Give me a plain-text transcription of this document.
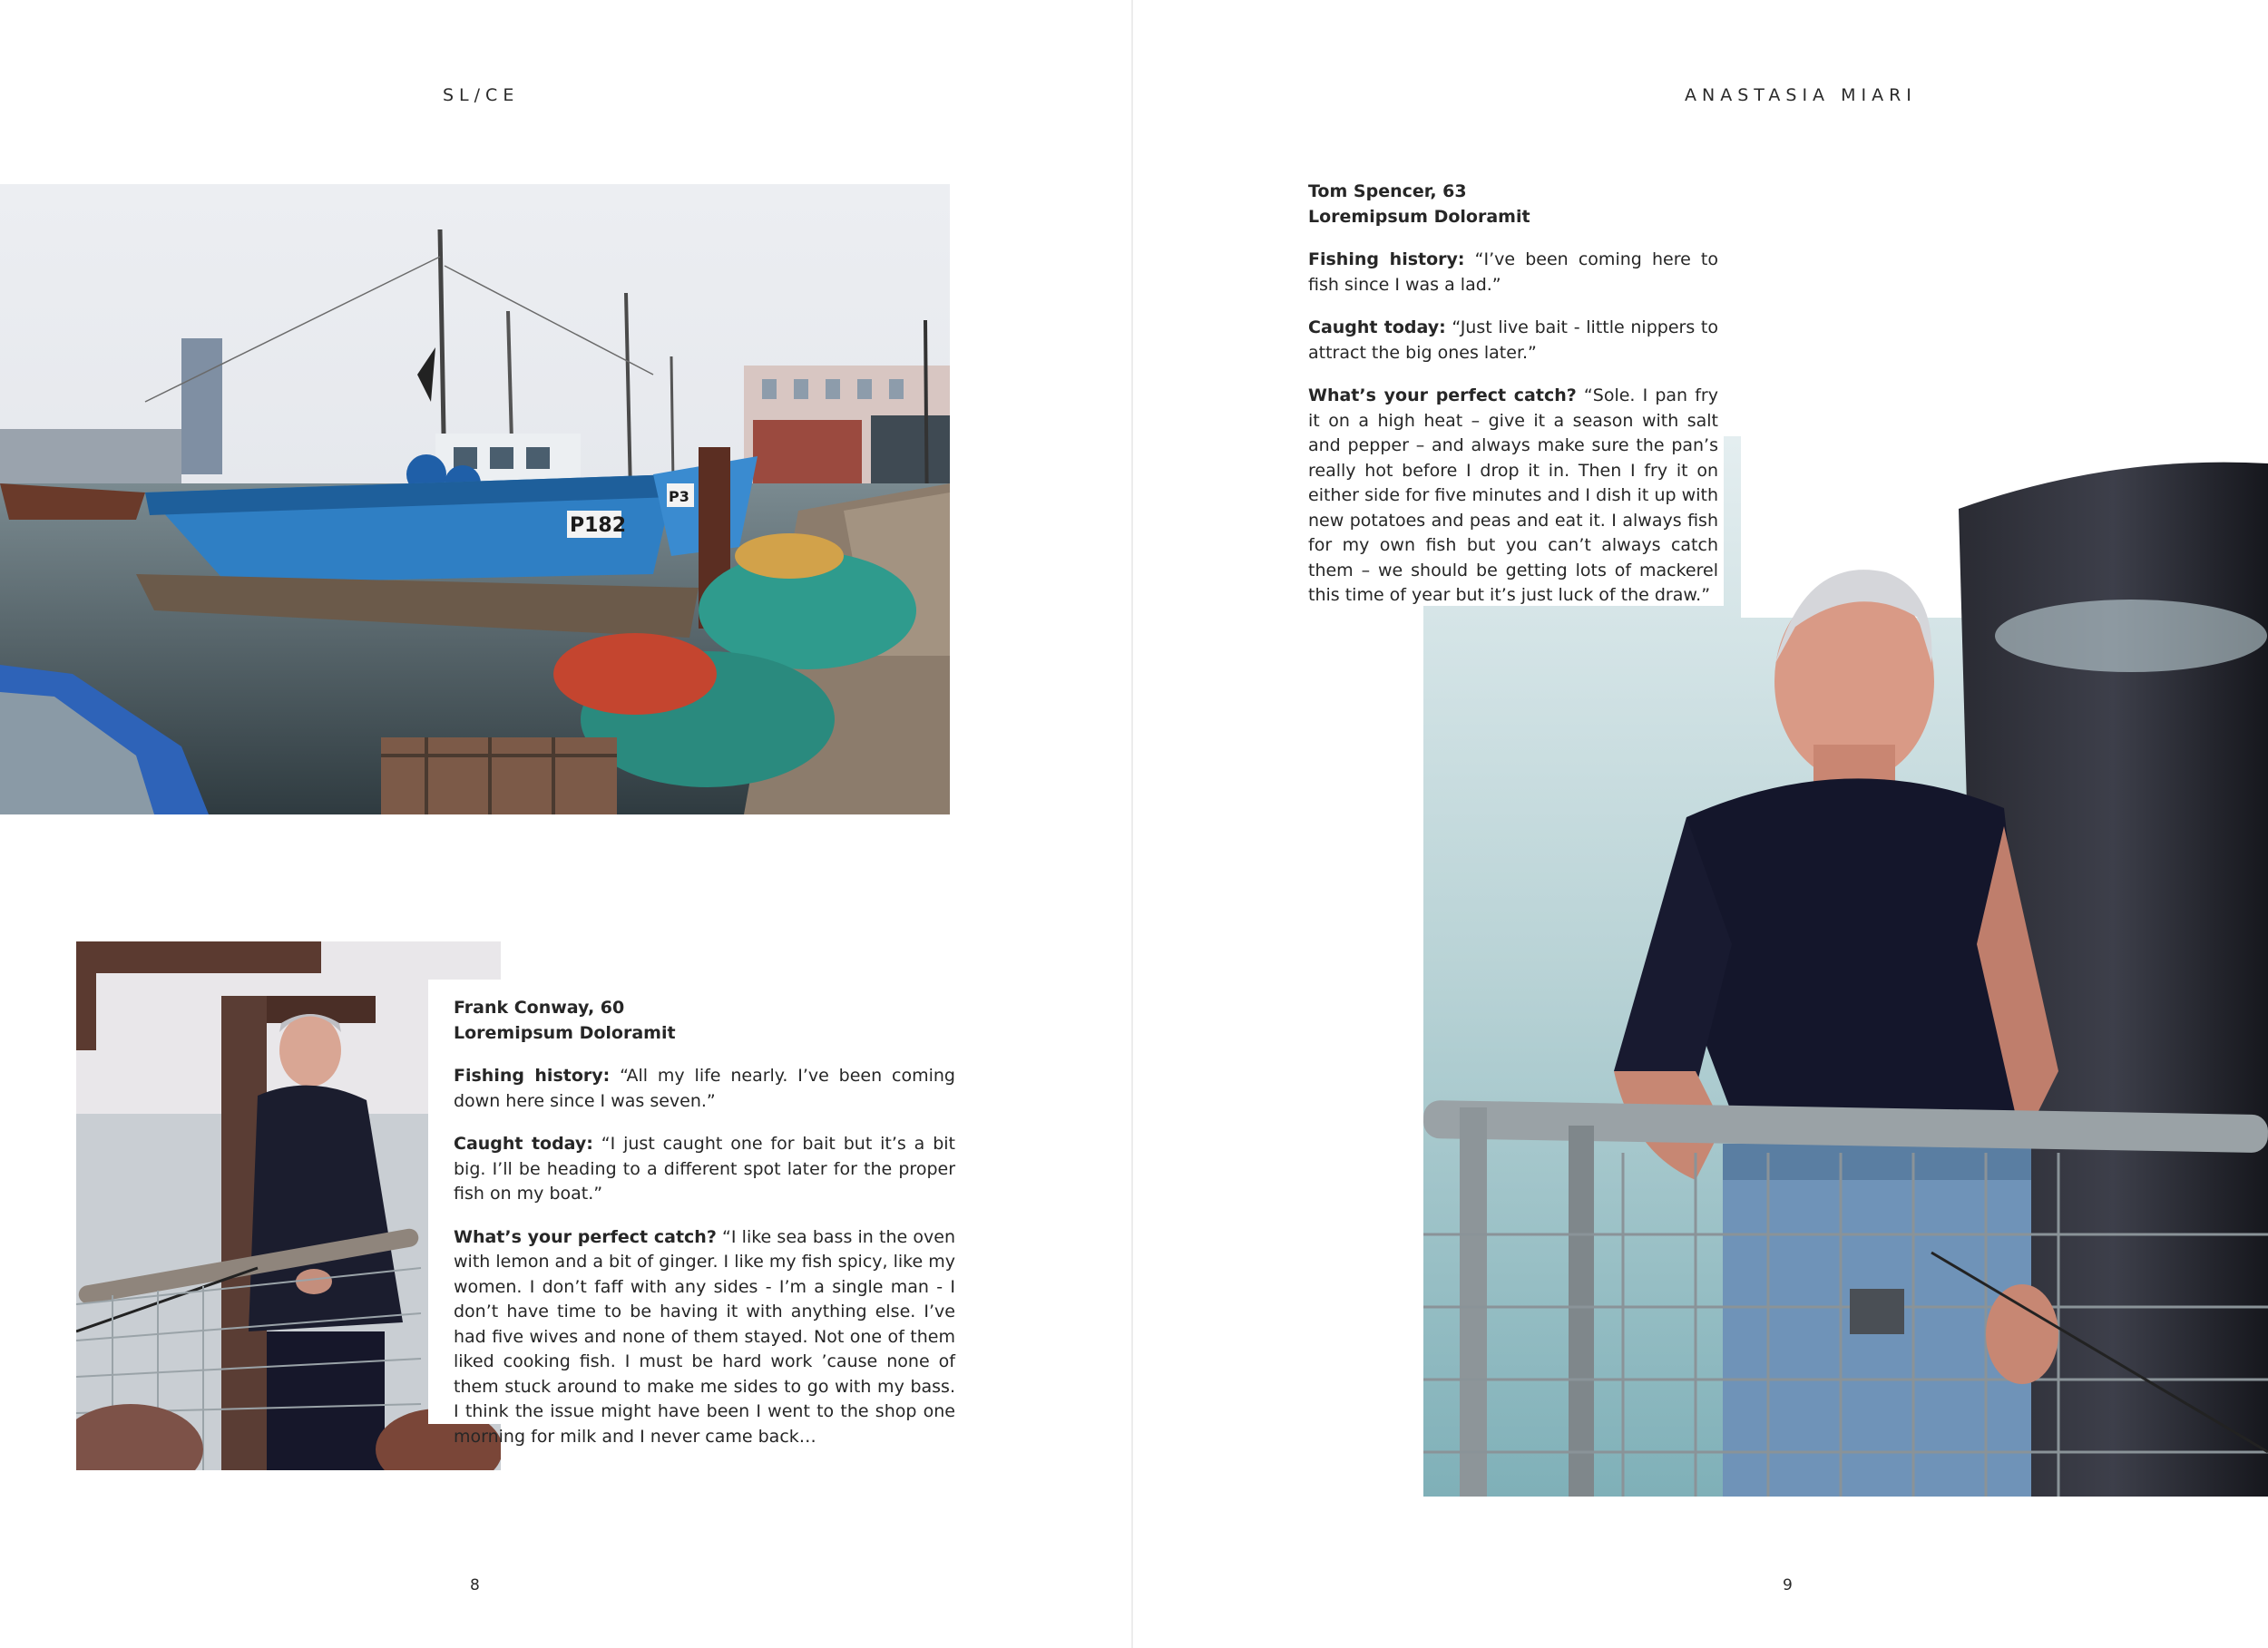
SL/CE
P182
P3
Frank Conway, 60
Loremipsum Doloramit

Fishing history: “All my life nearly. I’ve been coming down here since I was seven.”

Caught today: “I just caught one for bait but it’s a bit big. I’ll be heading to a different spot later for the proper fish on my boat.”

What’s your perfect catch? “I like sea bass in the oven with lemon and a bit of ginger. I like my fish spicy, like my women. I don’t faff with any sides - I’m a single man - I don’t have time to be having it with anything else. I’ve had five wives and none of them stayed. Not one of them liked cooking fish. I must be hard work ’cause none of them stuck around to make me sides to go with my bass. I think the issue might have been I went to the shop one morning for milk and I never came back…

8
ANASTASIA MIARI
Tom Spencer, 63
Loremipsum Doloramit

Fishing history: “I’ve been coming here to fish since I was a lad.”

Caught today: “Just live bait - little nippers to attract the big ones later.”

What’s your perfect catch? “Sole. I pan fry it on a high heat – give it a season with salt and pepper – and always make sure the pan’s really hot before I drop it in. Then I fry it on either side for five minutes and I dish it up with new potatoes and peas and eat it. I always fish for my own fish but you can’t always catch them – we should be getting lots of mackerel this time of year but it’s just luck of the draw.”

9
